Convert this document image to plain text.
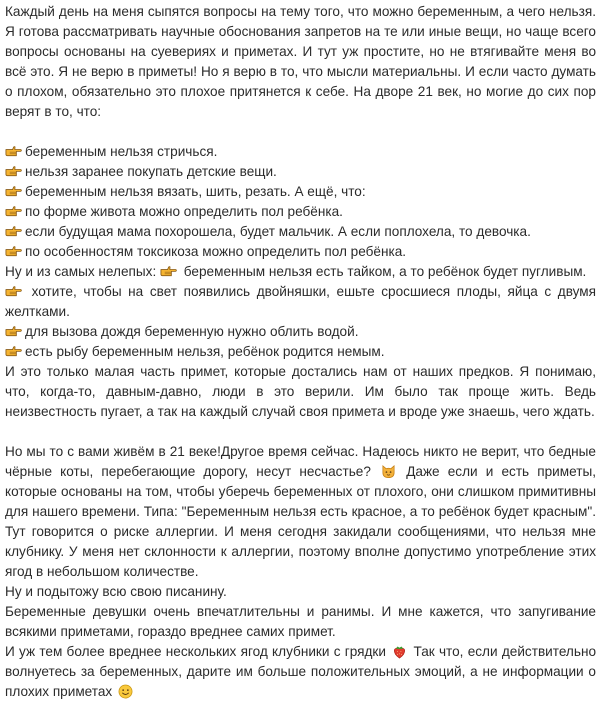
Каждый день на меня сыпятся вопросы на тему того, что можно беременным, а чего нельзя. Я готова рассматривать научные обоснования запретов на те или иные вещи, но чаще всего вопросы основаны на суевериях и приметах. И тут уж простите, но не втягивайте меня во всё это. Я не верю в приметы! Но я верю в то, что мысли материальны. И если часто думать о плохом, обязательно это плохое притянется к себе. На дворе 21 век, но могие до сих пор верят в то, что:

беременным нельзя стричься.
нельзя заранее покупать детские вещи.
беременным нельзя вязать, шить, резать. А ещё, что:
по форме живота можно определить пол ребёнка.
если будущая мама похорошела, будет мальчик. А если поплохела, то девочка.
по особенностям токсикоза можно определить пол ребёнка.

Ну и из самых нелепых: беременным нельзя есть тайком, а то ребёнок будет пугливым.

хотите, чтобы на свет появились двойняшки, ешьте сросшиеся плоды, яйца с двумя желтками.

для вызова дождя беременную нужно облить водой.
есть рыбу беременным нельзя, ребёнок родится немым.

И это только малая часть примет, которые достались нам от наших предков. Я понимаю, что, когда-то, давным-давно, люди в это верили. Им было так проще жить. Ведь неизвестность пугает, а так на каждый случай своя примета и вроде уже знаешь, чего ждать.

Но мы то с вами живём в 21 веке!Другое время сейчас. Надеюсь никто не верит, что бедные чёрные коты, перебегающие дорогу, несут несчастье?	Даже если и есть приметы, которые основаны на том, чтобы уберечь беременных от плохого, они слишком примитивны для нашего времени. Типа: "Беременным нельзя есть красное, а то ребёнок будет красным". Тут говорится о риске аллергии. И меня сегодня закидали сообщениями, что нельзя мне клубнику. У меня нет склонности к аллергии, поэтому вполне допустимо употребление этих ягод в небольшом количестве.

Ну и подытожу всю свою писанину.

Беременные девушки очень впечатлительны и ранимы. И мне кажется, что запугивание всякими приметами, гораздо вреднее самих примет.

И уж тем более вреднее нескольких ягод клубники с грядки Так что, если действительно волнуетесь за беременных, дарите им больше положительных эмоций, а не информации о плохих приметах
